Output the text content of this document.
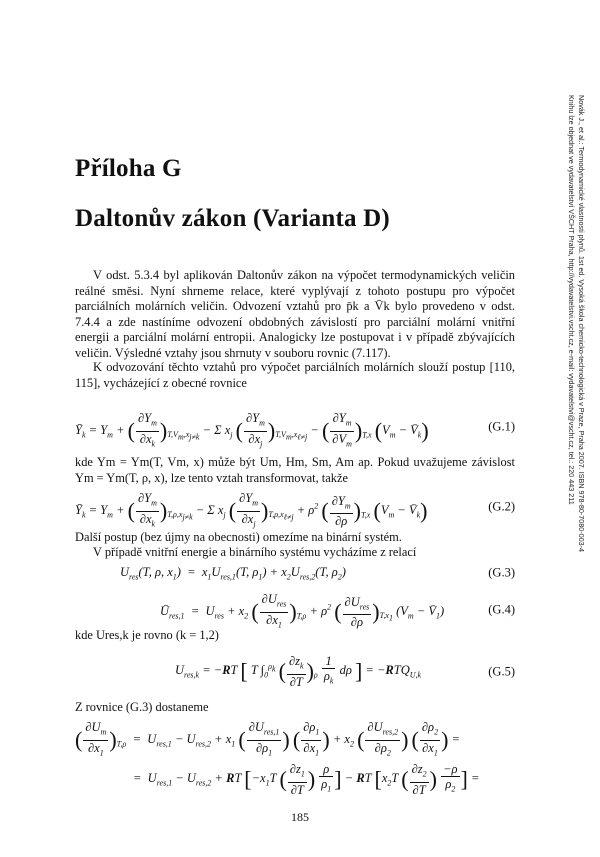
Novák J., et al.: Termodynamické vlastnosti plynů. 1st ed. Vysoká škola chemicko-technologická v Praze, Praha 2007. ISBN 978-80-7080-003-4
Knihu lze objednat ve vydavatelství VŠCHT Praha, http://vydavatelstvi.vscht.cz, e-mail: vydavatelstvi@vscht.cz, tel.: 220 443 211
Příloha G
Daltonův zákon (Varianta D)
V odst. 5.3.4 byl aplikován Daltonův zákon na výpočet termodynamických veličin reálné směsi. Nyní shrneme relace, které vyplývají z tohoto postupu pro výpočet parciálních molárních veličin. Odvození vztahů pro p̄k a V̄k bylo provedeno v odst. 7.4.4 a zde nastíníme odvození obdobných závislostí pro parciální molární vnitřní energii a parciální molární entropii. Analogicky lze postupovat i v případě zbývajících veličin. Výsledné vztahy jsou shrnuty v souboru rovnic (7.117).
K odvozování těchto vztahů pro výpočet parciálních molárních slouží postup [110, 115], vycházející z obecné rovnice
$Ȳ_k = Y_m$ + ( $\frac{\partial Y_m}{\partial x_k} )_{T,V_m,x_{j\ne k}} - \Sigma$ $x_j$ ( $\frac{\partial Y_m}{\partial x_j} )_{T,V_m,x_{\ell\ne j}}$ − ( $\frac{\partial Y_m}{\partial V_m} )_{T,x}$ ($V_m$ − $V̄_k$)	(G.1)
kde Ym = Ym(T, Vm, x) může být Um, Hm, Sm, Am ap. Pokud uvažujeme závislost Ym = Ym(T, ρ, x), lze tento vztah transformovat, takže
$Ȳ_k = Y_m$ + ( $\frac{\partial Y_m}{\partial x_k} )_{T,\rho,x_{j\ne k}} - \Sigma$ $x_j$ ( $\frac{\partial Y_m}{\partial x_j} )_{T,\rho,x_{\ell\ne j}} + \rho^2$ ( $\frac{\partial Y_m}{\partial\rho} )_{T,x}$ ($V_m$ − $V̄_k$)	(G.2)
Další postup (bez újmy na obecnosti) omezíme na binární systém.
V případě vnitřní energie a binárního systému vycházíme z relací
$U_{res}(T$, ρ, $x_1) = x_1U_{res,1}(T$, $\rho_1) + x_2U_{res,2}(T$, $\rho_2$)	(G.3)
$Ū_{res,1} = U_{res} + x_2$ ( $\frac{\partial U_{res}}{\partial x_1} )_{T,\rho} + \rho^2$ ( $\frac{\partial U_{res}}{\partial\rho} )_{T,x_1}$ ($V_m$ − $V̄_1$)	(G.4)
kde Ures,k je rovno (k = 1,2)
$U_{res,k} = -RT$ [ T $\int_0^{\rho_k}$ ( $\frac{\partial z_k}{\partial T} )_\rho \frac{1}{\rho_k}$ dρ ] = $-RTQ_{U,k}$	(G.5)
Z rovnice (G.3) dostaneme
( $\frac{\partial U_m}{\partial x_1} )_{T,\rho} = U_{res,1} - U_{res,2} + x_1$ ( $\frac{\partial U_{res,1}}{\partial\rho_1}$ ) ( $\frac{\partial\rho_1}{\partial x_1}$ ) + $x_2$ ( $\frac{\partial U_{res,2}}{\partial\rho_2}$ ) ( $\frac{\partial\rho_2}{\partial x_1}$ ) =
=  $U_{res,1} - U_{res,2}$ + RT [$-x_1T$ ( $\frac{\partial z_1}{\partial T}$ ) $\frac{\rho}{\rho_1}$ ] − RT [$x_2T$ ( $\frac{\partial z_2}{\partial T}$ ) $\frac{-\rho}{\rho_2}$ ] =
185
